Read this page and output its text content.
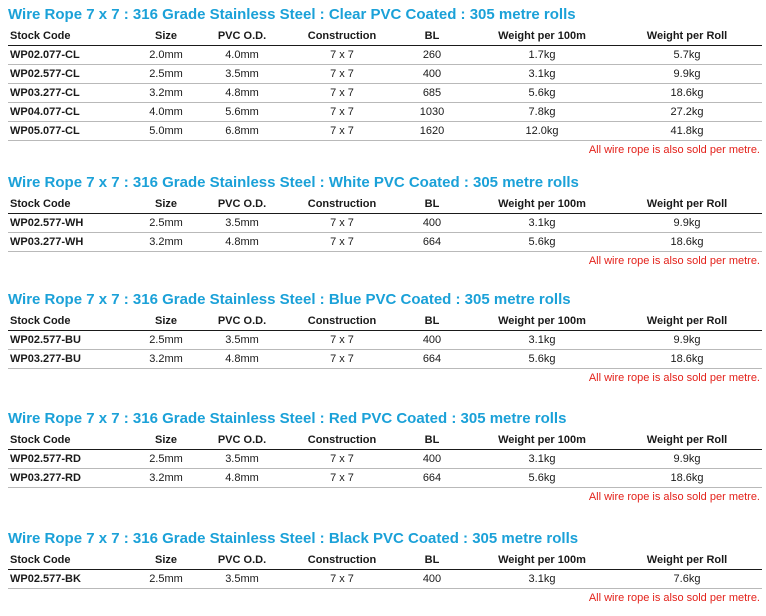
Wire Rope 7 x 7 : 316 Grade Stainless Steel : Clear PVC Coated : 305 metre rolls
Stock Code	Size	PVC O.D.	Construction	BL	Weight per 100m	Weight per Roll
WP02.077-CL	2.0mm	4.0mm	7 x 7	260	1.7kg	5.7kg
WP02.577-CL	2.5mm	3.5mm	7 x 7	400	3.1kg	9.9kg
WP03.277-CL	3.2mm	4.8mm	7 x 7	685	5.6kg	18.6kg
WP04.077-CL	4.0mm	5.6mm	7 x 7	1030	7.8kg	27.2kg
WP05.077-CL	5.0mm	6.8mm	7 x 7	1620	12.0kg	41.8kg
All wire rope is also sold per metre.
Wire Rope 7 x 7 : 316 Grade Stainless Steel : White PVC Coated : 305 metre rolls
Stock Code	Size	PVC O.D.	Construction	BL	Weight per 100m	Weight per Roll
WP02.577-WH	2.5mm	3.5mm	7 x 7	400	3.1kg	9.9kg
WP03.277-WH	3.2mm	4.8mm	7 x 7	664	5.6kg	18.6kg
All wire rope is also sold per metre.
Wire Rope 7 x 7 : 316 Grade Stainless Steel : Blue PVC Coated : 305 metre rolls
Stock Code	Size	PVC O.D.	Construction	BL	Weight per 100m	Weight per Roll
WP02.577-BU	2.5mm	3.5mm	7 x 7	400	3.1kg	9.9kg
WP03.277-BU	3.2mm	4.8mm	7 x 7	664	5.6kg	18.6kg
All wire rope is also sold per metre.
Wire Rope 7 x 7 : 316 Grade Stainless Steel : Red PVC Coated : 305 metre rolls
Stock Code	Size	PVC O.D.	Construction	BL	Weight per 100m	Weight per Roll
WP02.577-RD	2.5mm	3.5mm	7 x 7	400	3.1kg	9.9kg
WP03.277-RD	3.2mm	4.8mm	7 x 7	664	5.6kg	18.6kg
All wire rope is also sold per metre.
Wire Rope 7 x 7 : 316 Grade Stainless Steel : Black PVC Coated : 305 metre rolls
Stock Code	Size	PVC O.D.	Construction	BL	Weight per 100m	Weight per Roll
WP02.577-BK	2.5mm	3.5mm	7 x 7	400	3.1kg	7.6kg
All wire rope is also sold per metre.
